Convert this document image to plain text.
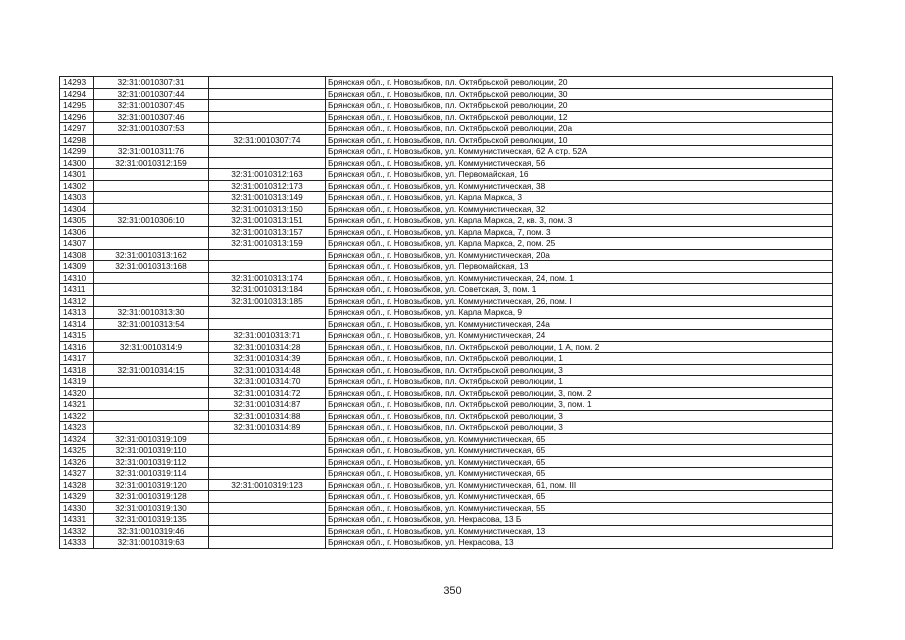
14293	32:31:0010307:31		Брянская обл., г. Новозыбков, пл. Октябрьской революции, 20
14294	32:31:0010307:44		Брянская обл., г. Новозыбков, пл. Октябрьской революции, 30
14295	32:31:0010307:45		Брянская обл., г. Новозыбков, пл. Октябрьской революции, 20
14296	32:31:0010307:46		Брянская обл., г. Новозыбков, пл. Октябрьской революции, 12
14297	32:31:0010307:53		Брянская обл., г. Новозыбков, пл. Октябрьской революции, 20а
14298		32:31:0010307:74	Брянская обл., г. Новозыбков, пл. Октябрьской революции, 10
14299	32:31:0010311:76		Брянская обл., г. Новозыбков, ул. Коммунистическая, 62 А стр. 52А
14300	32:31:0010312:159		Брянская обл., г. Новозыбков, ул. Коммунистическая, 56
14301		32:31:0010312:163	Брянская обл., г. Новозыбков, ул. Первомайская, 16
14302		32:31:0010312:173	Брянская обл., г. Новозыбков, ул. Коммунистическая, 38
14303		32:31:0010313:149	Брянская обл., г. Новозыбков, ул. Карла Маркса, 3
14304		32:31:0010313:150	Брянская обл., г. Новозыбков, ул. Коммунистическая, 32
14305	32:31:0010306:10	32:31:0010313:151	Брянская обл., г. Новозыбков, ул. Карла Маркса, 2, кв. 3, пом. 3
14306		32:31:0010313:157	Брянская обл., г. Новозыбков, ул. Карла Маркса, 7, пом. 3
14307		32:31:0010313:159	Брянская обл., г. Новозыбков, ул. Карла Маркса, 2, пом. 25
14308	32:31:0010313:162		Брянская обл., г. Новозыбков, ул. Коммунистическая, 20а
14309	32:31:0010313:168		Брянская обл., г. Новозыбков, ул. Первомайская, 13
14310		32:31:0010313:174	Брянская обл., г. Новозыбков, ул. Коммунистическая, 24, пом. 1
14311		32:31:0010313:184	Брянская обл., г. Новозыбков, ул. Советская, 3, пом. 1
14312		32:31:0010313:185	Брянская обл., г. Новозыбков, ул. Коммунистическая, 26, пом. I
14313	32:31:0010313:30		Брянская обл., г. Новозыбков, ул. Карла Маркса, 9
14314	32:31:0010313:54		Брянская обл., г. Новозыбков, ул. Коммунистическая, 24а
14315		32:31:0010313:71	Брянская обл., г. Новозыбков, ул. Коммунистическая, 24
14316	32:31:0010314:9	32:31:0010314:28	Брянская обл., г. Новозыбков, пл. Октябрьской революции, 1 А, пом. 2
14317		32:31:0010314:39	Брянская обл., г. Новозыбков, пл. Октябрьской революции, 1
14318	32:31:0010314:15	32:31:0010314:48	Брянская обл., г. Новозыбков, пл. Октябрьской революции, 3
14319		32:31:0010314:70	Брянская обл., г. Новозыбков, пл. Октябрьской революции, 1
14320		32:31:0010314:72	Брянская обл., г. Новозыбков, пл. Октябрьской революции, 3, пом. 2
14321		32:31:0010314:87	Брянская обл., г. Новозыбков, пл. Октябрьской революции, 3, пом. 1
14322		32:31:0010314:88	Брянская обл., г. Новозыбков, пл. Октябрьской революции, 3
14323		32:31:0010314:89	Брянская обл., г. Новозыбков, пл. Октябрьской революции, 3
14324	32:31:0010319:109		Брянская обл., г. Новозыбков, ул. Коммунистическая, 65
14325	32:31:0010319:110		Брянская обл., г. Новозыбков, ул. Коммунистическая, 65
14326	32:31:0010319:112		Брянская обл., г. Новозыбков, ул. Коммунистическая, 65
14327	32:31:0010319:114		Брянская обл., г. Новозыбков, ул. Коммунистическая, 65
14328	32:31:0010319:120	32:31:0010319:123	Брянская обл., г. Новозыбков, ул. Коммунистическая, 61, пом. III
14329	32:31:0010319:128		Брянская обл., г. Новозыбков, ул. Коммунистическая, 65
14330	32:31:0010319:130		Брянская обл., г. Новозыбков, ул. Коммунистическая, 55
14331	32:31:0010319:135		Брянская обл., г. Новозыбков, ул. Некрасова, 13 Б
14332	32:31:0010319:46		Брянская обл., г. Новозыбков, ул. Коммунистическая, 13
14333	32:31:0010319:63		Брянская обл., г. Новозыбков, ул. Некрасова, 13
350
